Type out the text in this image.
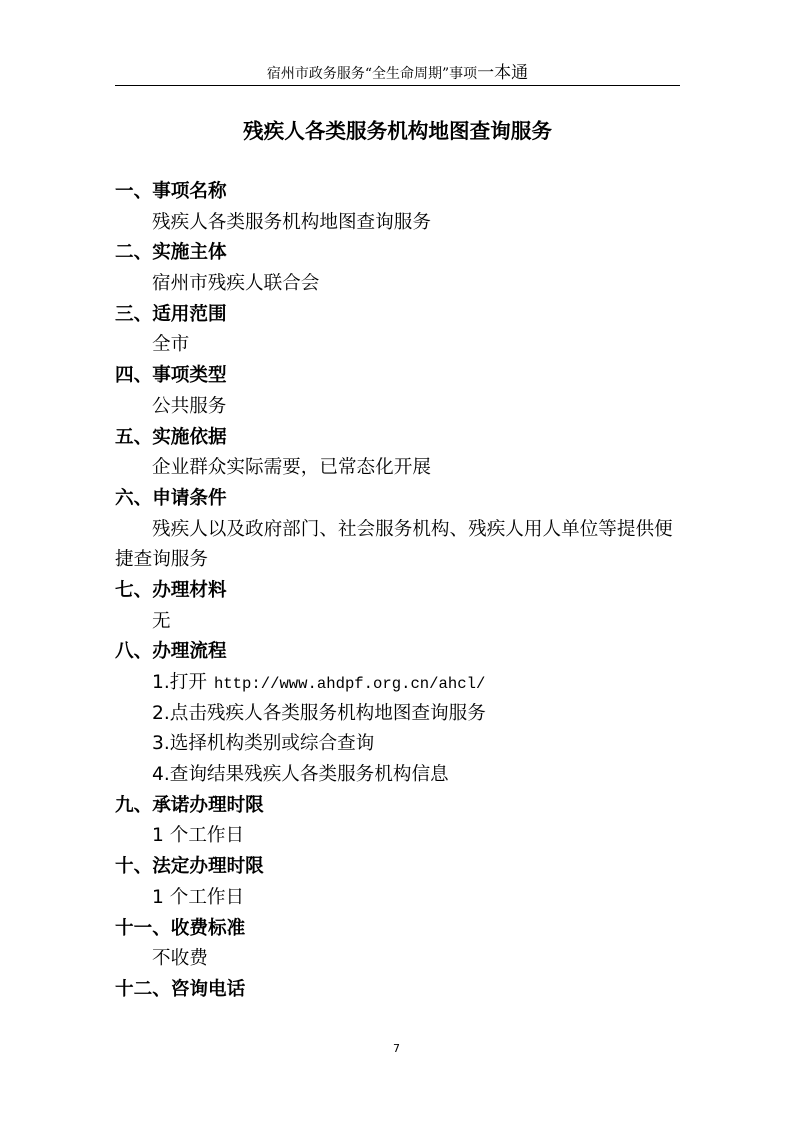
宿州市政务服务“全生命周期”事项一本通
残疾人各类服务机构地图查询服务
一、事项名称
残疾人各类服务机构地图查询服务
二、实施主体
宿州市残疾人联合会
三、适用范围
全市
四、事项类型
公共服务
五、实施依据
企业群众实际需要，已常态化开展
六、申请条件
残疾人以及政府部门、社会服务机构、残疾人用人单位等提供便
捷查询服务
七、办理材料
无
八、办理流程
1.打开 http://www.ahdpf.org.cn/ahcl/
2.点击残疾人各类服务机构地图查询服务
3.选择机构类别或综合查询
4.查询结果残疾人各类服务机构信息
九、承诺办理时限
1 个工作日
十、法定办理时限
1 个工作日
十一、收费标准
不收费
十二、咨询电话
7
